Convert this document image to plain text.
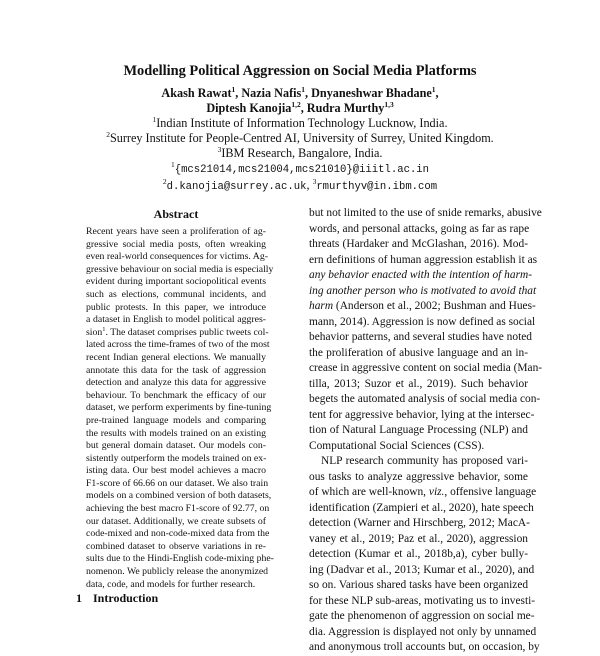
Modelling Political Aggression on Social Media Platforms
Akash Rawat$^1$, Nazia Nafis$^1$, Dnyaneshwar Bhadane$^1$,
Diptesh Kanojia$^{1,2}$, Rudra Murthy$^{1,3}$
$^1$Indian Institute of Information Technology Lucknow, India.
$^2$Surrey Institute for People-Centred AI, University of Surrey, United Kingdom.
$^3$IBM Research, Bangalore, India.
$^1${mcs21014,mcs21004,mcs21010}@iiitl.ac.in
$^2$d.kanojia@surrey.ac.uk, $^3$rmurthyv@in.ibm.com
Abstract
Recent years have seen a proliferation of ag-
gressive social media posts, often wreaking
even real-world consequences for victims. Ag-
gressive behaviour on social media is especially
evident during important sociopolitical events
such as elections, communal incidents, and
public protests. In this paper, we introduce
a dataset in English to model political aggres-
sion$^1$. The dataset comprises public tweets col-
lated across the time-frames of two of the most
recent Indian general elections. We manually
annotate this data for the task of aggression
detection and analyze this data for aggressive
behaviour. To benchmark the efficacy of our
dataset, we perform experiments by fine-tuning
pre-trained language models and comparing
the results with models trained on an existing
but general domain dataset. Our models con-
sistently outperform the models trained on ex-
isting data. Our best model achieves a macro
F1-score of 66.66 on our dataset. We also train
models on a combined version of both datasets,
achieving the best macro F1-score of 92.77, on
our dataset. Additionally, we create subsets of
code-mixed and non-code-mixed data from the
combined dataset to observe variations in re-
sults due to the Hindi-English code-mixing phe-
nomenon. We publicly release the anonymized
data, code, and models for further research.
1 Introduction
but not limited to the use of snide remarks, abusive
words, and personal attacks, going as far as rape
threats (Hardaker and McGlashan, 2016). Mod-
ern definitions of human aggression establish it as
any behavior enacted with the intention of harm-
ing another person who is motivated to avoid that
harm (Anderson et al., 2002; Bushman and Hues-
mann, 2014). Aggression is now defined as social
behavior patterns, and several studies have noted
the proliferation of abusive language and an in-
crease in aggressive content on social media (Man-
tilla, 2013; Suzor et al., 2019). Such behavior
begets the automated analysis of social media con-
tent for aggressive behavior, lying at the intersec-
tion of Natural Language Processing (NLP) and
Computational Social Sciences (CSS).
NLP research community has proposed vari-
ous tasks to analyze aggressive behavior, some
of which are well-known, viz., offensive language
identification (Zampieri et al., 2020), hate speech
detection (Warner and Hirschberg, 2012; MacA-
vaney et al., 2019; Paz et al., 2020), aggression
detection (Kumar et al., 2018b,a), cyber bully-
ing (Dadvar et al., 2013; Kumar et al., 2020), and
so on. Various shared tasks have been organized
for these NLP sub-areas, motivating us to investi-
gate the phenomenon of aggression on social me-
dia. Aggression is displayed not only by unnamed
and anonymous troll accounts but, on occasion, by
